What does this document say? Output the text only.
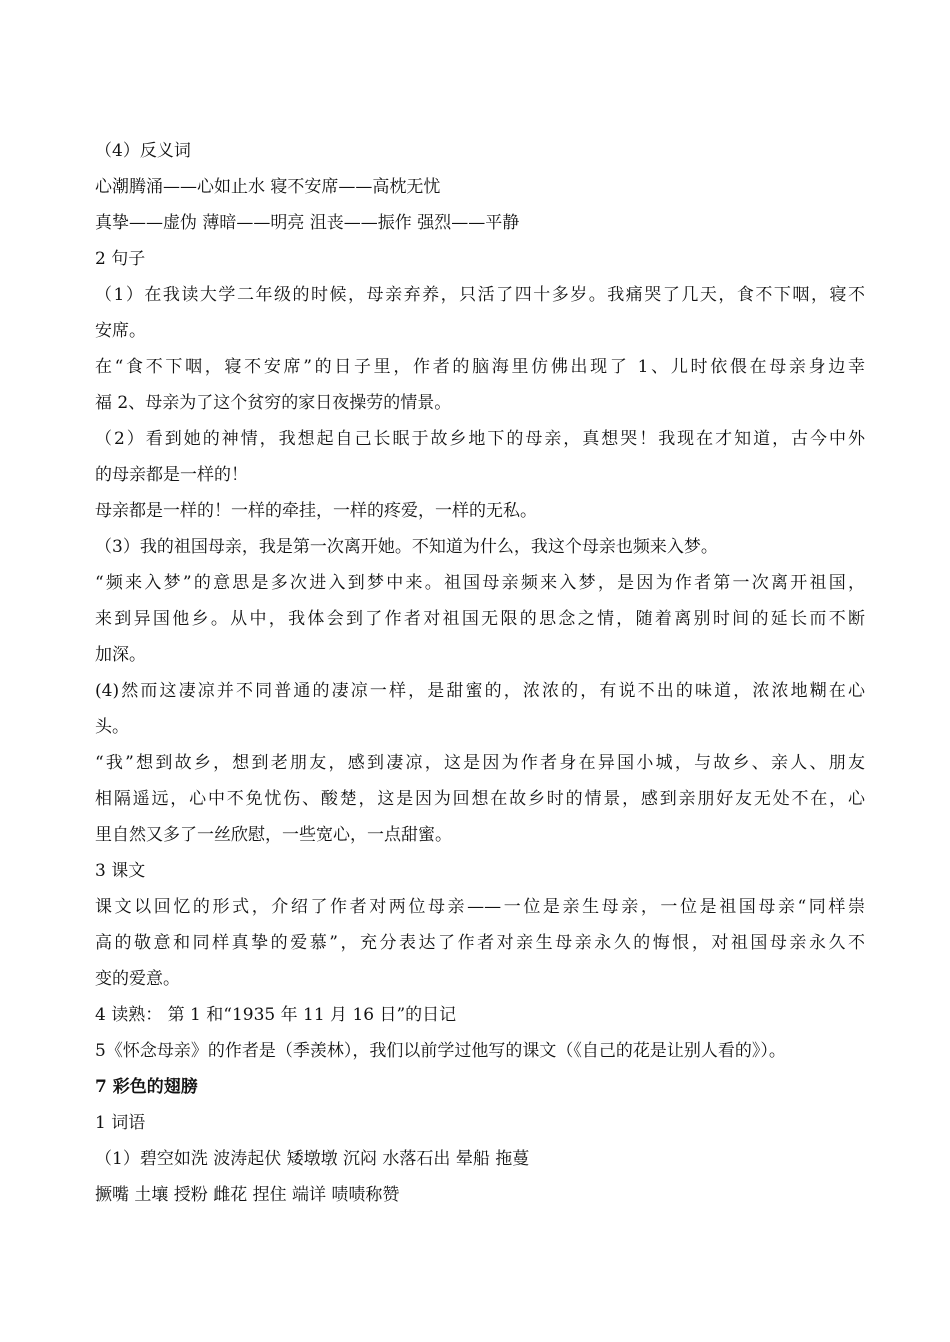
（4）反义词
心潮腾涌——心如止水 寝不安席——高枕无忧
真挚——虚伪 薄暗——明亮 沮丧——振作 强烈——平静
2 句子
（1）在我读大学二年级的时候，母亲弃养，只活了四十多岁。我痛哭了几天，食不下咽，寝不
安席。
在“食不下咽，寝不安席”的日子里，作者的脑海里仿佛出现了 1、儿时依偎在母亲身边幸
福 2、母亲为了这个贫穷的家日夜操劳的情景。
（2）看到她的神情，我想起自己长眠于故乡地下的母亲，真想哭！我现在才知道，古今中外
的母亲都是一样的！
母亲都是一样的！一样的牵挂，一样的疼爱，一样的无私。
（3）我的祖国母亲，我是第一次离开她。不知道为什么，我这个母亲也频来入梦。
“频来入梦”的意思是多次进入到梦中来。祖国母亲频来入梦，是因为作者第一次离开祖国，
来到异国他乡。从中，我体会到了作者对祖国无限的思念之情，随着离别时间的延长而不断
加深。
(4)然而这凄凉并不同普通的凄凉一样，是甜蜜的，浓浓的，有说不出的味道，浓浓地糊在心
头。
“我”想到故乡，想到老朋友，感到凄凉，这是因为作者身在异国小城，与故乡、亲人、朋友
相隔遥远，心中不免忧伤、酸楚，这是因为回想在故乡时的情景，感到亲朋好友无处不在，心
里自然又多了一丝欣慰，一些宽心，一点甜蜜。
3 课文
课文以回忆的形式，介绍了作者对两位母亲——一位是亲生母亲，一位是祖国母亲“同样崇
高的敬意和同样真挚的爱慕”，充分表达了作者对亲生母亲永久的悔恨，对祖国母亲永久不
变的爱意。
4 读熟： 第 1 和“1935 年 11 月 16 日”的日记
5《怀念母亲》的作者是（季羡林），我们以前学过他写的课文（《自己的花是让别人看的》）。
7 彩色的翅膀
1 词语
（1）碧空如洗 波涛起伏 矮墩墩 沉闷 水落石出 晕船 拖蔓
撅嘴 土壤 授粉 雌花 捏住 端详 啧啧称赞
